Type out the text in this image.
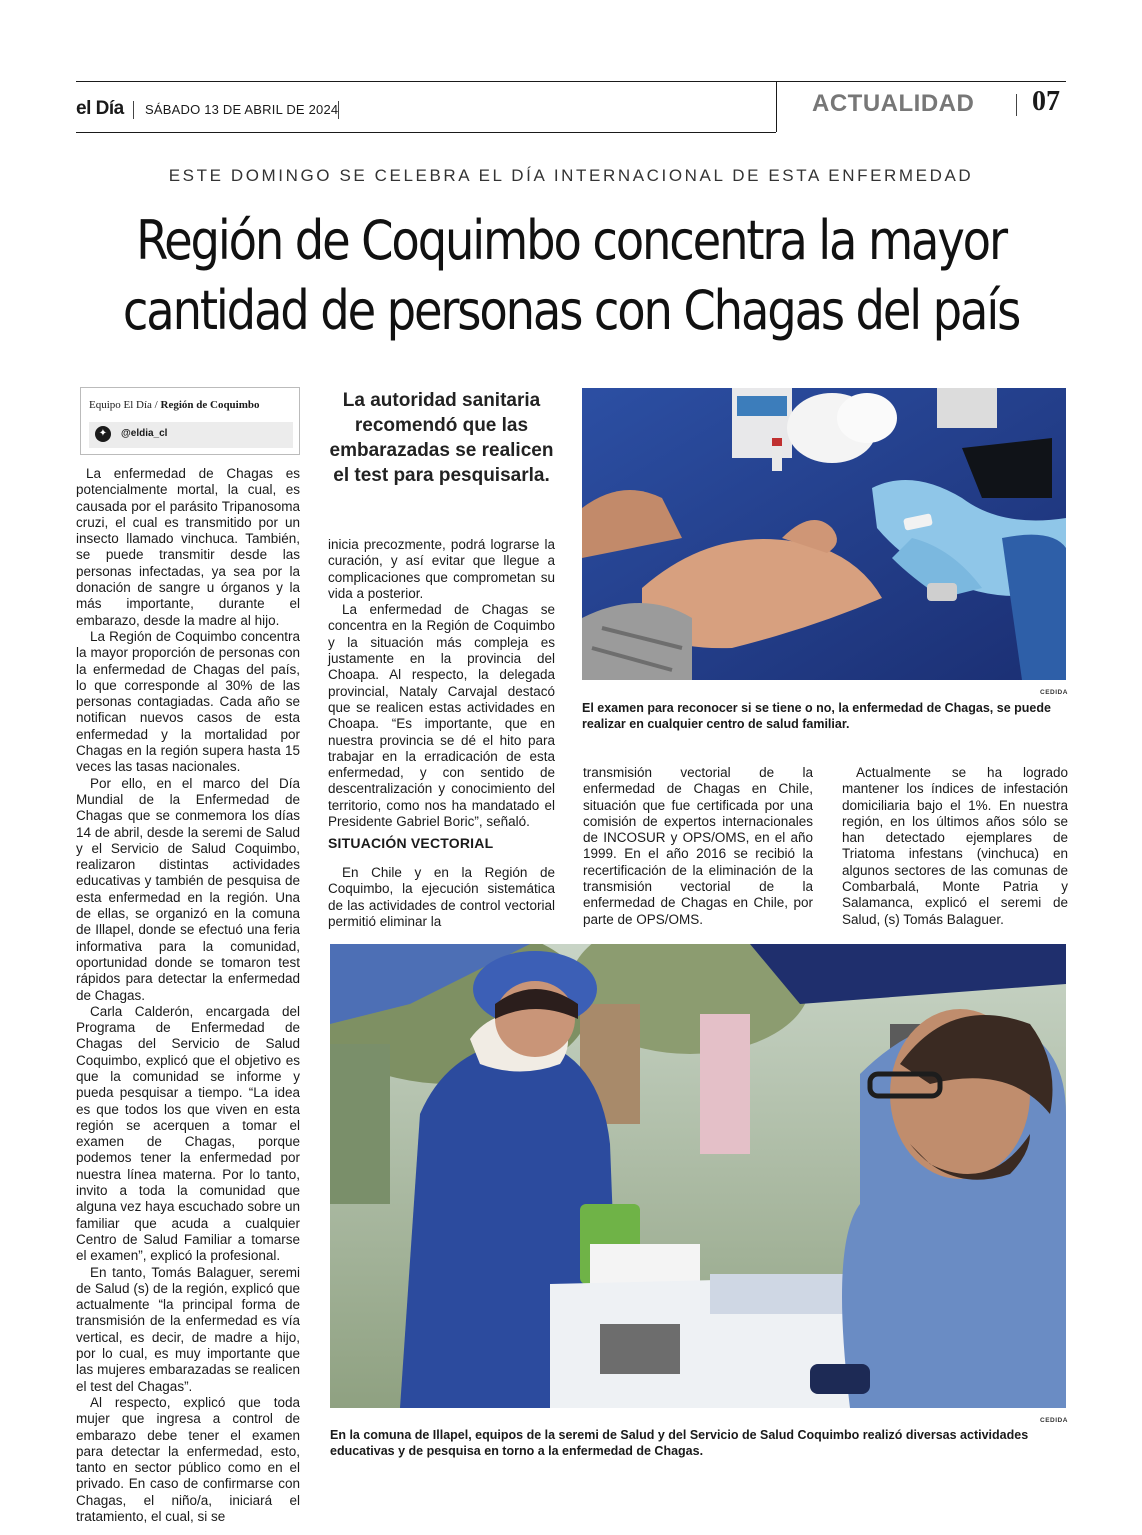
el Día SÁBADO 13 DE ABRIL DE 2024	ACTUALIDAD 07
ESTE DOMINGO SE CELEBRA EL DÍA INTERNACIONAL DE ESTA ENFERMEDAD
Región de Coquimbo concentra la mayor
cantidad de personas con Chagas del país
Equipo El Día / Región de Coquimbo
✦	@eldia_cl

La enfermedad de Chagas es potencialmente mortal, la cual, es causada por el parásito Tripanosoma cruzi, el cual es transmitido por un insecto llamado vinchuca. También, se puede transmitir desde las personas infectadas, ya sea por la donación de sangre u órganos y la más importante, durante el embarazo, desde la madre al hijo.

La Región de Coquimbo concentra la mayor proporción de personas con la enfermedad de Chagas del país, lo que corresponde al 30% de las personas contagiadas. Cada año se notifican nuevos casos de esta enfermedad y la mortalidad por Chagas en la región supera hasta 15 veces las tasas nacionales.

Por ello, en el marco del Día Mundial de la Enfermedad de Chagas que se conmemora los días 14 de abril, desde la seremi de Salud y el Servicio de Salud Coquimbo, realizaron distintas actividades educativas y también de pesquisa de esta enfermedad en la región. Una de ellas, se organizó en la comuna de Illapel, donde se efectuó una feria informativa para la comunidad, oportunidad donde se tomaron test rápidos para detectar la enfermedad de Chagas.

Carla Calderón, encargada del Programa de Enfermedad de Chagas del Servicio de Salud Coquimbo, explicó que el objetivo es que la comunidad se informe y pueda pesquisar a tiempo. “La idea es que todos los que viven en esta región se acerquen a tomar el examen de Chagas, porque podemos tener la enfermedad por nuestra línea materna. Por lo tanto, invito a toda la comunidad que alguna vez haya escuchado sobre un familiar que acuda a cualquier Centro de Salud Familiar a tomarse el examen”, explicó la profesional.

En tanto, Tomás Balaguer, seremi de Salud (s) de la región, explicó que actualmente “la principal forma de transmisión de la enfermedad es vía vertical, es decir, de madre a hijo, por lo cual, es muy importante que las mujeres embarazadas se realicen el test del Chagas”.

Al respecto, explicó que toda mujer que ingresa a control de embarazo debe tener el examen para detectar la enfermedad, esto, tanto en sector público como en el privado. En caso de confirmarse con Chagas, el niño/a, iniciará el tratamiento, el cual, si se

La autoridad sanitaria recomendó que las embarazadas se realicen el test para pesquisarla.

inicia precozmente, podrá lograrse la curación, y así evitar que llegue a complicaciones que comprometan su vida a posterior.

La enfermedad de Chagas se concentra en la Región de Coquimbo y la situación más compleja es justamente en la provincia del Choapa. Al respecto, la delegada provincial, Nataly Carvajal destacó que se realicen estas actividades en Choapa. “Es importante, que en nuestra provincia se dé el hito para trabajar en la erradicación de esta enfermedad, y con sentido de descentralización y conocimiento del territorio, como nos ha mandatado el Presidente Gabriel Boric”, señaló.

SITUACIÓN VECTORIAL

En Chile y en la Región de Coquimbo, la ejecución sistemática de las actividades de control vectorial permitió eliminar la

transmisión vectorial de la enfermedad de Chagas en Chile, situación que fue certificada por una comisión de expertos internacionales de INCOSUR y OPS/OMS, en el año 1999. En el año 2016 se recibió la recertificación de la eliminación de la transmisión vectorial de la enfermedad de Chagas en Chile, por parte de OPS/OMS.

Actualmente se ha logrado mantener los índices de infestación domiciliaria bajo el 1%. En nuestra región, en los últimos años sólo se han detectado ejemplares de Triatoma infestans (vinchuca) en algunos sectores de las comunas de Combarbalá, Monte Patria y Salamanca, explicó el seremi de Salud, (s) Tomás Balaguer.

CEDIDA
El examen para reconocer si se tiene o no, la enfermedad de Chagas, se puede realizar en cualquier centro de salud familiar.
CEDIDA
En la comuna de Illapel, equipos de la seremi de Salud y del Servicio de Salud Coquimbo realizó diversas actividades educativas y de pesquisa en torno a la enfermedad de Chagas.
